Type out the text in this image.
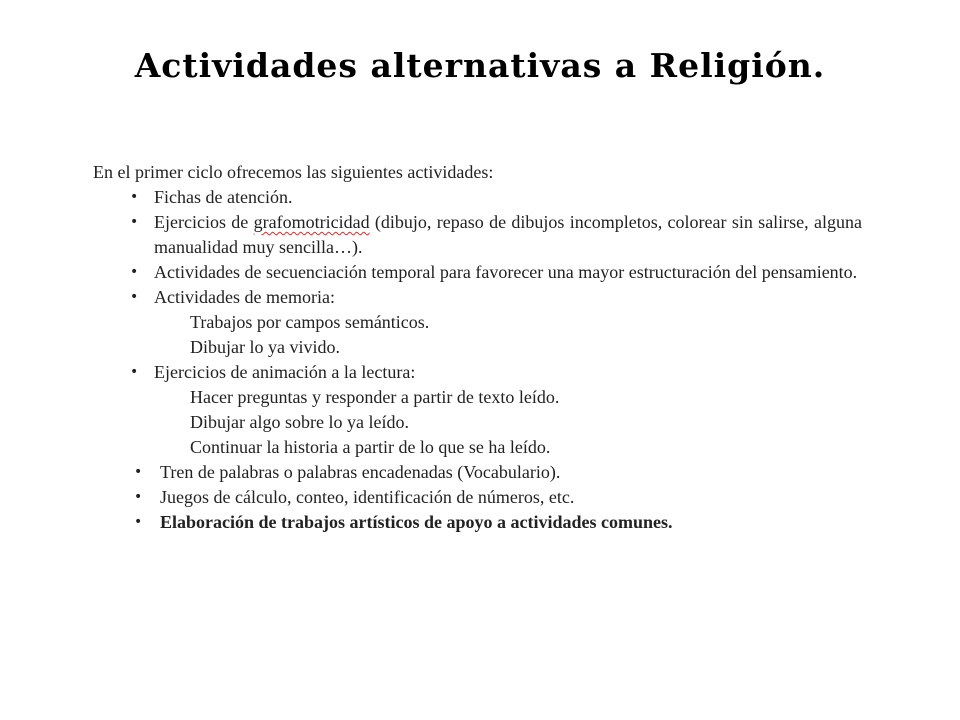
Actividades alternativas a Religión.
En el primer ciclo ofrecemos las siguientes actividades:
• Fichas de atención.
• Ejercicios de grafomotricidad (dibujo, repaso de dibujos incompletos, colorear sin salirse, alguna manualidad muy sencilla…).
• Actividades de secuenciación temporal para favorecer una mayor estructuración del pensamiento.
• Actividades de memoria:
Trabajos por campos semánticos.
Dibujar lo ya vivido.
• Ejercicios de animación a la lectura:
Hacer preguntas y responder a partir de texto leído.
Dibujar algo sobre lo ya leído.
Continuar la historia a partir de lo que se ha leído.
• Tren de palabras o palabras encadenadas (Vocabulario).
• Juegos de cálculo, conteo, identificación de números, etc.
• Elaboración de trabajos artísticos de apoyo a actividades comunes.
